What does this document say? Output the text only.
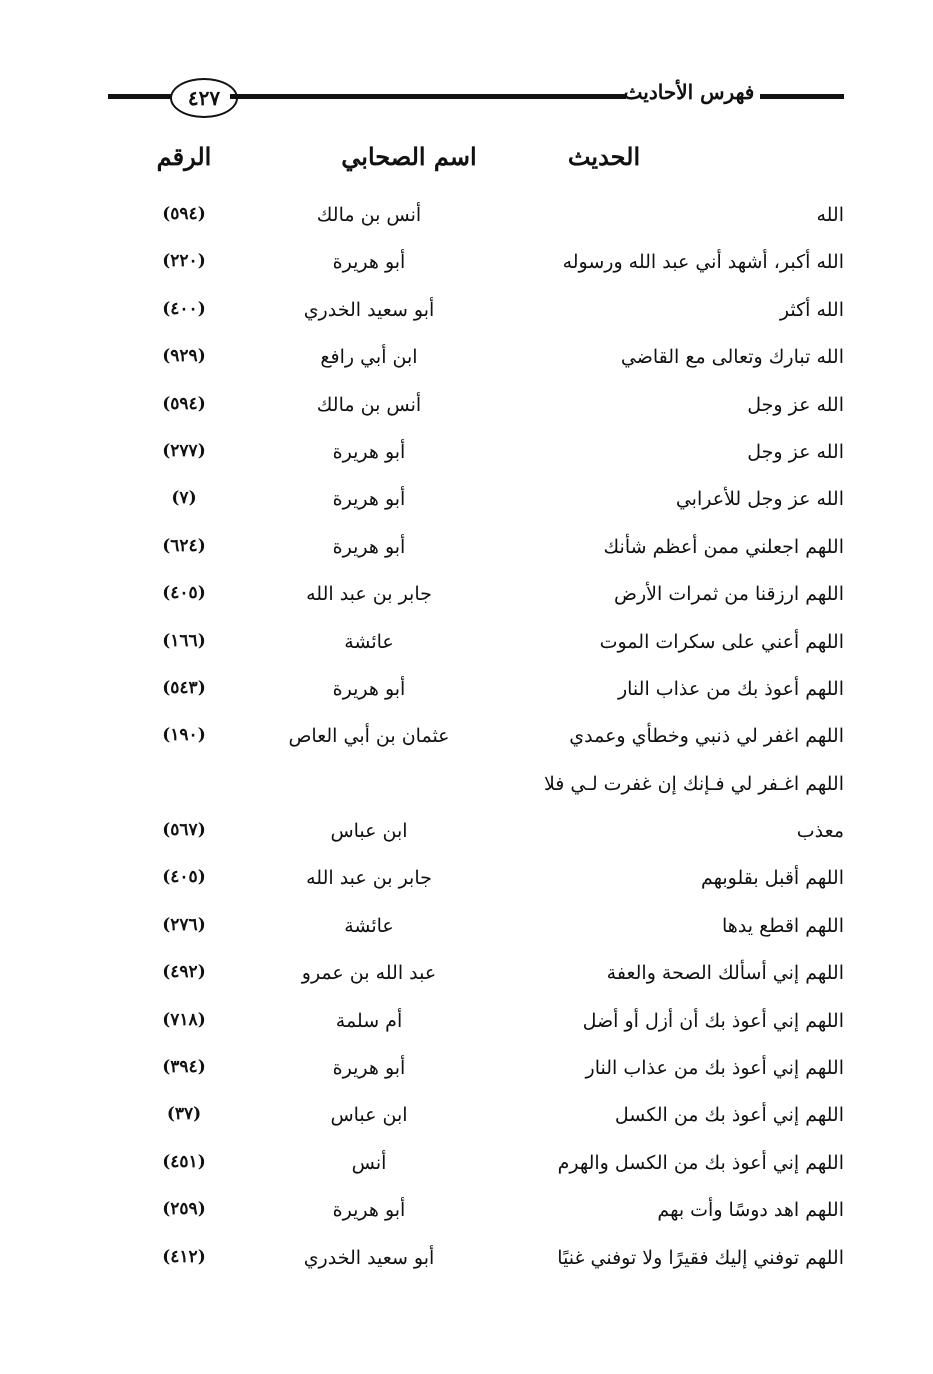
٤٢٧	فهرس الأحاديث
الحديث
اسم الصحابي
الرقم
الله
أنس بن مالك
(٥٩٤)
الله أكبر، أشهد أني عبد الله ورسوله
أبو هريرة
(٢٢٠)
الله أكثر
أبو سعيد الخدري
(٤٠٠)
الله تبارك وتعالى مع القاضي
ابن أبي رافع
(٩٢٩)
الله عز وجل
أنس بن مالك
(٥٩٤)
الله عز وجل
أبو هريرة
(٢٧٧)
الله عز وجل للأعرابي
أبو هريرة
(٧)
اللهم اجعلني ممن أعظم شأنك
أبو هريرة
(٦٢٤)
اللهم ارزقنا من ثمرات الأرض
جابر بن عبد الله
(٤٠٥)
اللهم أعني على سكرات الموت
عائشة
(١٦٦)
اللهم أعوذ بك من عذاب النار
أبو هريرة
(٥٤٣)
اللهم اغفر لي ذنبي وخطأي وعمدي
عثمان بن أبي العاص
(١٩٠)
اللهم اغـفر لي فـإنك إن غفرت لـي فلا
معذب
ابن عباس
(٥٦٧)
اللهم أقبل بقلوبهم
جابر بن عبد الله
(٤٠٥)
اللهم اقطع يدها
عائشة
(٢٧٦)
اللهم إني أسألك الصحة والعفة
عبد الله بن عمرو
(٤٩٢)
اللهم إني أعوذ بك أن أزل أو أضل
أم سلمة
(٧١٨)
اللهم إني أعوذ بك من عذاب النار
أبو هريرة
(٣٩٤)
اللهم إني أعوذ بك من الكسل
ابن عباس
(٣٧)
اللهم إني أعوذ بك من الكسل والهرم
أنس
(٤٥١)
اللهم اهد دوسًا وأت بهم
أبو هريرة
(٢٥٩)
اللهم توفني إليك فقيرًا ولا توفني غنيًا
أبو سعيد الخدري
(٤١٢)
